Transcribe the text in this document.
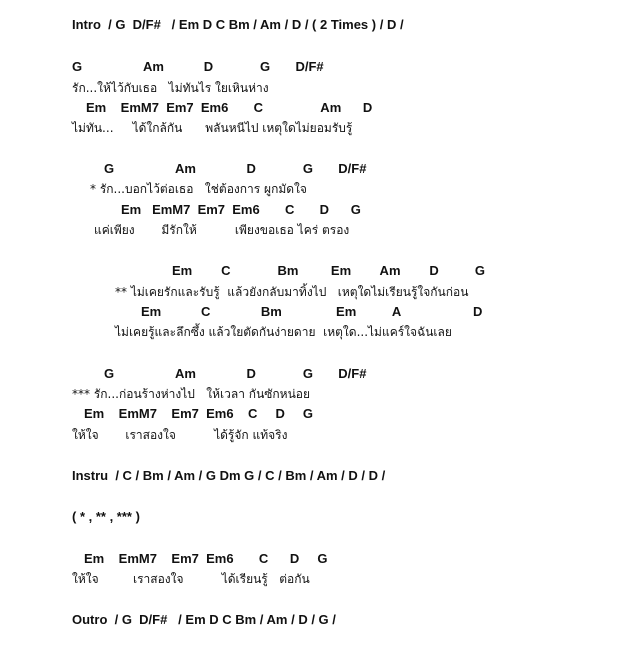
Intro  / G  D/F#   / Em D C Bm / Am / D / ( 2 Times ) / D /
G                 Am           D             G       D/F#
รัก...ให้ไว้กับเธอ   ไม่ทันไร ใยเหินห่าง
Em    EmM7  Em7  Em6       C                Am      D
ไม่ทัน...     ได้ใกล้กัน      พลันหนีไป เหตุใดไม่ยอมรับรู้
G                 Am              D             G       D/F#
* รัก...บอกไว้ต่อเธอ   ใช่ต้องการ ผูกมัดใจ
Em   EmM7  Em7  Em6       C       D      G
แค่เพียง       มีรักให้          เพียงขอเธอ ไคร่ ตรอง
Em        C             Bm         Em        Am        D          G
** ไม่เคยรักและรับรู้  แล้วยังกลับมาทิ้งไป   เหตุใดไม่เรียนรู้ใจกันก่อน
Em           C              Bm               Em          A                    D
ไม่เคยรู้และลึกซึ้ง แล้วใยตัดกันง่ายดาย  เหตุใด...ไม่แคร์ใจฉันเลย
G                 Am              D             G       D/F#
*** รัก...ก่อนร้างห่างไป   ให้เวลา กันซักหน่อย
Em    EmM7    Em7  Em6    C     D     G
ให้ใจ       เราสองใจ          ได้รู้จัก แท้จริง
Instru  / C / Bm / Am / G Dm G / C / Bm / Am / D / D /
( * , ** , *** )
Em    EmM7    Em7  Em6       C      D     G
ให้ใจ         เราสองใจ          ได้เรียนรู้   ต่อกัน
Outro  / G  D/F#   / Em D C Bm / Am / D / G /
